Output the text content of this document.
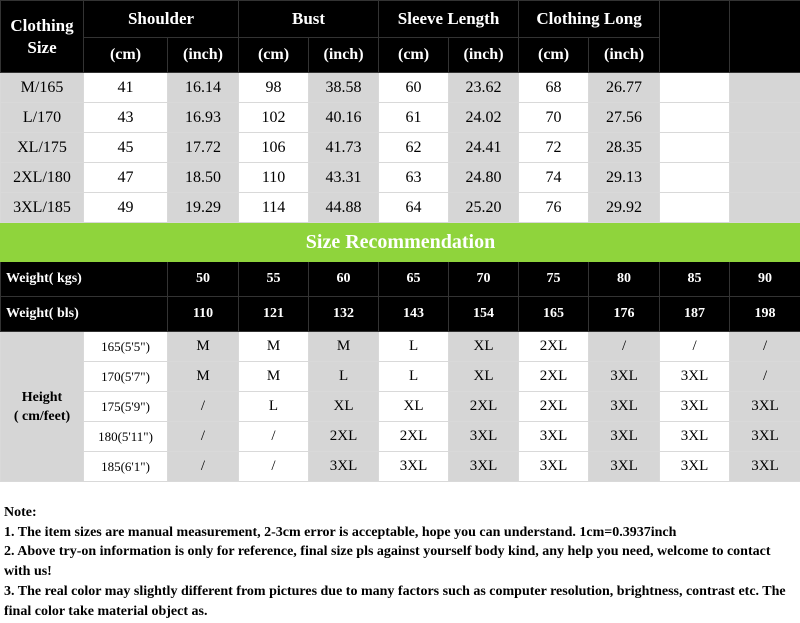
Clothing
Size	Shoulder		Bust		Sleeve Length		Clothing Long			
	(cm)	(inch)	(cm)	(inch)	(cm)	(inch)	(cm)	(inch)		
M/165	41	16.14	98	38.58	60	23.62	68	26.77		
L/170	43	16.93	102	40.16	61	24.02	70	27.56		
XL/175	45	17.72	106	41.73	62	24.41	72	28.35		
2XL/180	47	18.50	110	43.31	63	24.80	74	29.13		
3XL/185	49	19.29	114	44.88	64	25.20	76	29.92		
Size Recommendation										
Weight( kgs)		50	55	60	65	70	75	80	85	90
Weight( bls)		110	121	132	143	154	165	176	187	198
Height
( cm/feet)	165(5'5")	M	M	M	L	XL	2XL	/	/	/
	170(5'7")	M	M	L	L	XL	2XL	3XL	3XL	/
	175(5'9")	/	L	XL	XL	2XL	2XL	3XL	3XL	3XL
	180(5'11")	/	/	2XL	2XL	3XL	3XL	3XL	3XL	3XL
	185(6'1")	/	/	3XL	3XL	3XL	3XL	3XL	3XL	3XL
Note:
1. The item sizes are manual measurement, 2-3cm error is acceptable, hope you can understand. 1cm=0.3937inch
2. Above try-on information is only for reference, final size pls against yourself body kind, any help you need, welcome to contact with us!
3. The real color may slightly different from pictures due to many factors such as computer resolution, brightness, contrast etc. The final color take material object as.
